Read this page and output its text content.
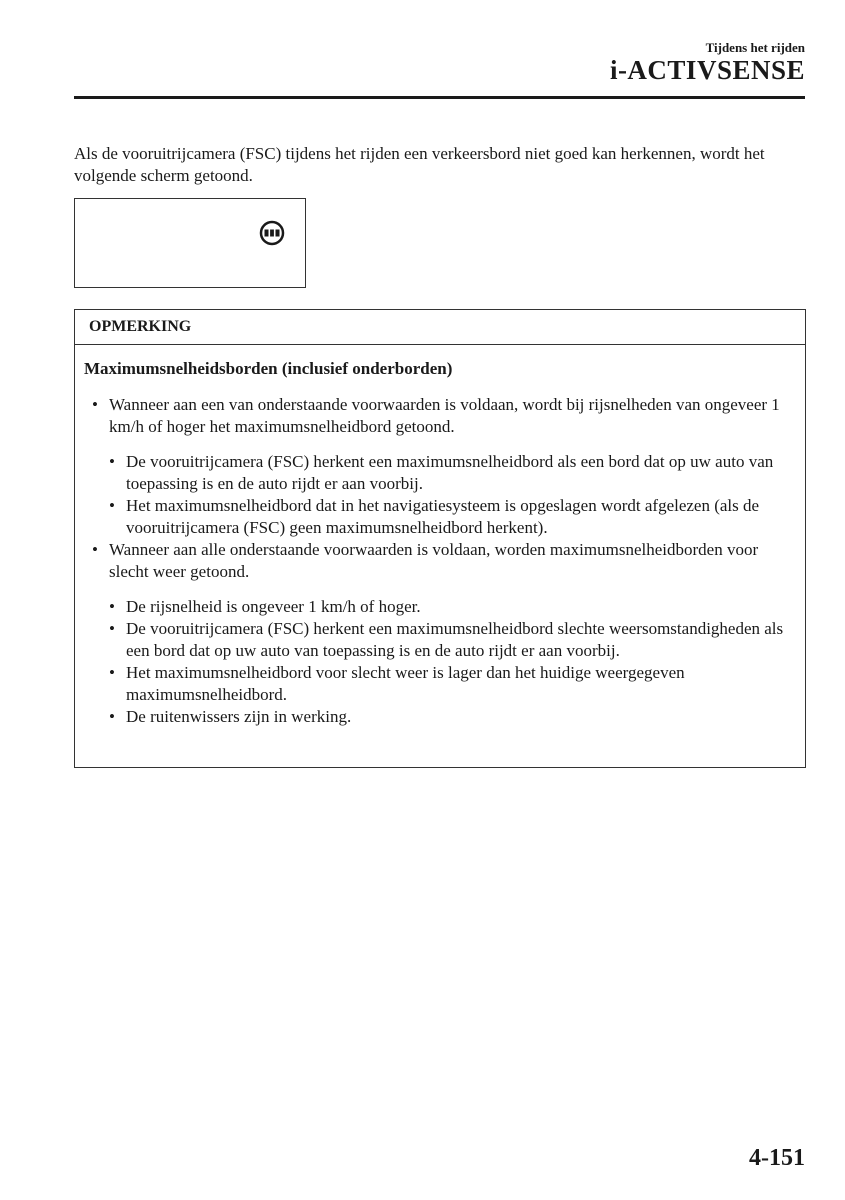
Tijdens het rijden
i-ACTIVSENSE
Als de vooruitrijcamera (FSC) tijdens het rijden een verkeersbord niet goed kan herkennen, wordt het volgende scherm getoond.
OPMERKING
Maximumsnelheidsborden (inclusief onderborden)
• Wanneer aan een van onderstaande voorwaarden is voldaan, wordt bij rijsnelheden van ongeveer 1 km/h of hoger het maximumsnelheidbord getoond.
• De vooruitrijcamera (FSC) herkent een maximumsnelheidbord als een bord dat op uw auto van toepassing is en de auto rijdt er aan voorbij.
• Het maximumsnelheidbord dat in het navigatiesysteem is opgeslagen wordt afgelezen (als de vooruitrijcamera (FSC) geen maximumsnelheidbord herkent).
• Wanneer aan alle onderstaande voorwaarden is voldaan, worden maximumsnelheidborden voor slecht weer getoond.
• De rijsnelheid is ongeveer 1 km/h of hoger.
• De vooruitrijcamera (FSC) herkent een maximumsnelheidbord slechte weersomstandigheden als een bord dat op uw auto van toepassing is en de auto rijdt er aan voorbij.
• Het maximumsnelheidbord voor slecht weer is lager dan het huidige weergegeven maximumsnelheidbord.
• De ruitenwissers zijn in werking.
4-151
